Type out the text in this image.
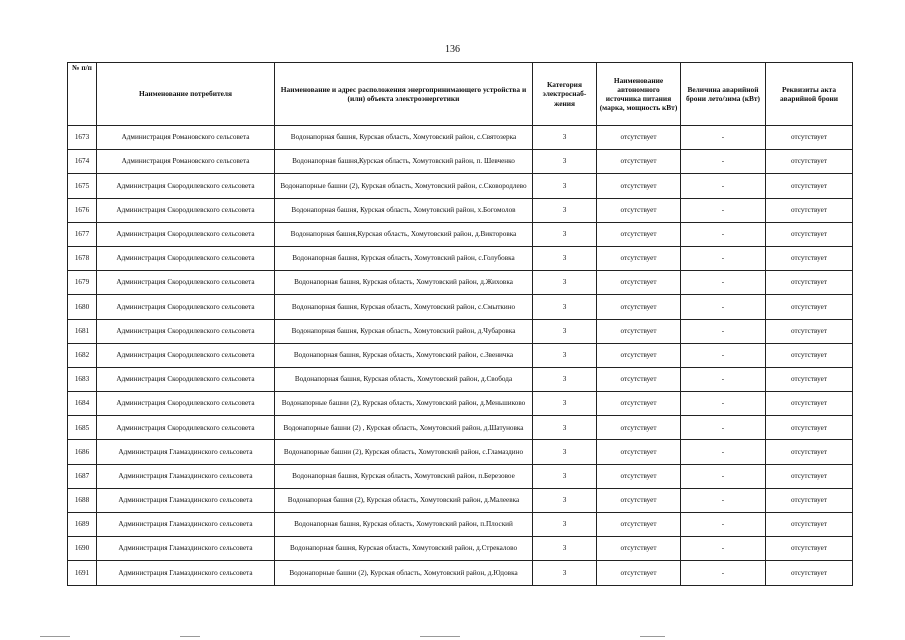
136
№ п/п	Наименование потребителя	Наименование и адрес расположения энергопринимающего устройства и (или) объекта электроэнергетики	Категория электроснаб-жения	Наименование автономного источника питания (марка, мощность кВт)	Величина аварийной брони лето/зима (кВт)	Реквизиты акта аварийной брони
1673	Администрация Романовского сельсовета	Водонапорная башня, Курская область, Хомутовский район, с.Святозерка	3	отсутствует	-	отсутствует
1674	Администрация Романовского сельсовета	Водонапорная башня,Курская область, Хомутовский район, п. Шевченко	3	отсутствует	-	отсутствует
1675	Администрация Скородилевского сельсовета	Водонапорные башни (2), Курская область, Хомутовский район, с.Сковородлево	3	отсутствует	-	отсутствует
1676	Администрация Скородилевского сельсовета	Водонапорная башня, Курская область, Хомутовский район, х.Богомолов	3	отсутствует	-	отсутствует
1677	Администрация Скородилевского сельсовета	Водонапорная башня,Курская область, Хомутовский район, д.Викторовка	3	отсутствует	-	отсутствует
1678	Администрация Скородилевского сельсовета	Водонапорная башня, Курская область, Хомутовский район, с.Голубовка	3	отсутствует	-	отсутствует
1679	Администрация Скородилевского сельсовета	Водонапорная башня, Курская область, Хомутовский район, д.Жиховка	3	отсутствует	-	отсутствует
1680	Администрация Скородилевского сельсовета	Водонапорная башня, Курская область, Хомутовский район, с.Смыткино	3	отсутствует	-	отсутствует
1681	Администрация Скородилевского сельсовета	Водонапорная башня, Курская область, Хомутовский район, д.Чубаровка	3	отсутствует	-	отсутствует
1682	Администрация Скородилевского сельсовета	Водонапорная башня, Курская область, Хомутовский район, с.Звеничка	3	отсутствует	-	отсутствует
1683	Администрация Скородилевского сельсовета	Водонапорная башня, Курская область, Хомутовский район, д.Свобода	3	отсутствует	-	отсутствует
1684	Администрация Скородилевского сельсовета	Водонапорные башни (2), Курская область, Хомутовский район, д.Меньшиково	3	отсутствует	-	отсутствует
1685	Администрация Скородилевского сельсовета	Водонапорные башни (2) , Курская область, Хомутовский район, д.Шатуновка	3	отсутствует	-	отсутствует
1686	Администрация Гламаздинского сельсовета	Водонапорные башни (2), Курская область, Хомутовский район, с.Гламаздино	3	отсутствует	-	отсутствует
1687	Администрация Гламаздинского сельсовета	Водонапорная башня, Курская область, Хомутовский район, п.Березовое	3	отсутствует	-	отсутствует
1688	Администрация Гламаздинского сельсовета	Водонапорная башня (2), Курская область, Хомутовский район, д.Малеевка	3	отсутствует	-	отсутствует
1689	Администрация Гламаздинского сельсовета	Водонапорная башня, Курская область, Хомутовский район, п.Плоский	3	отсутствует	-	отсутствует
1690	Администрация Гламаздинского сельсовета	Водонапорная башня, Курская область, Хомутовский район, д.Стрекалово	3	отсутствует	-	отсутствует
1691	Администрация Гламаздинского сельсовета	Водонапорные башни (2), Курская область, Хомутовский район, д.Юдовка	3	отсутствует	-	отсутствует
